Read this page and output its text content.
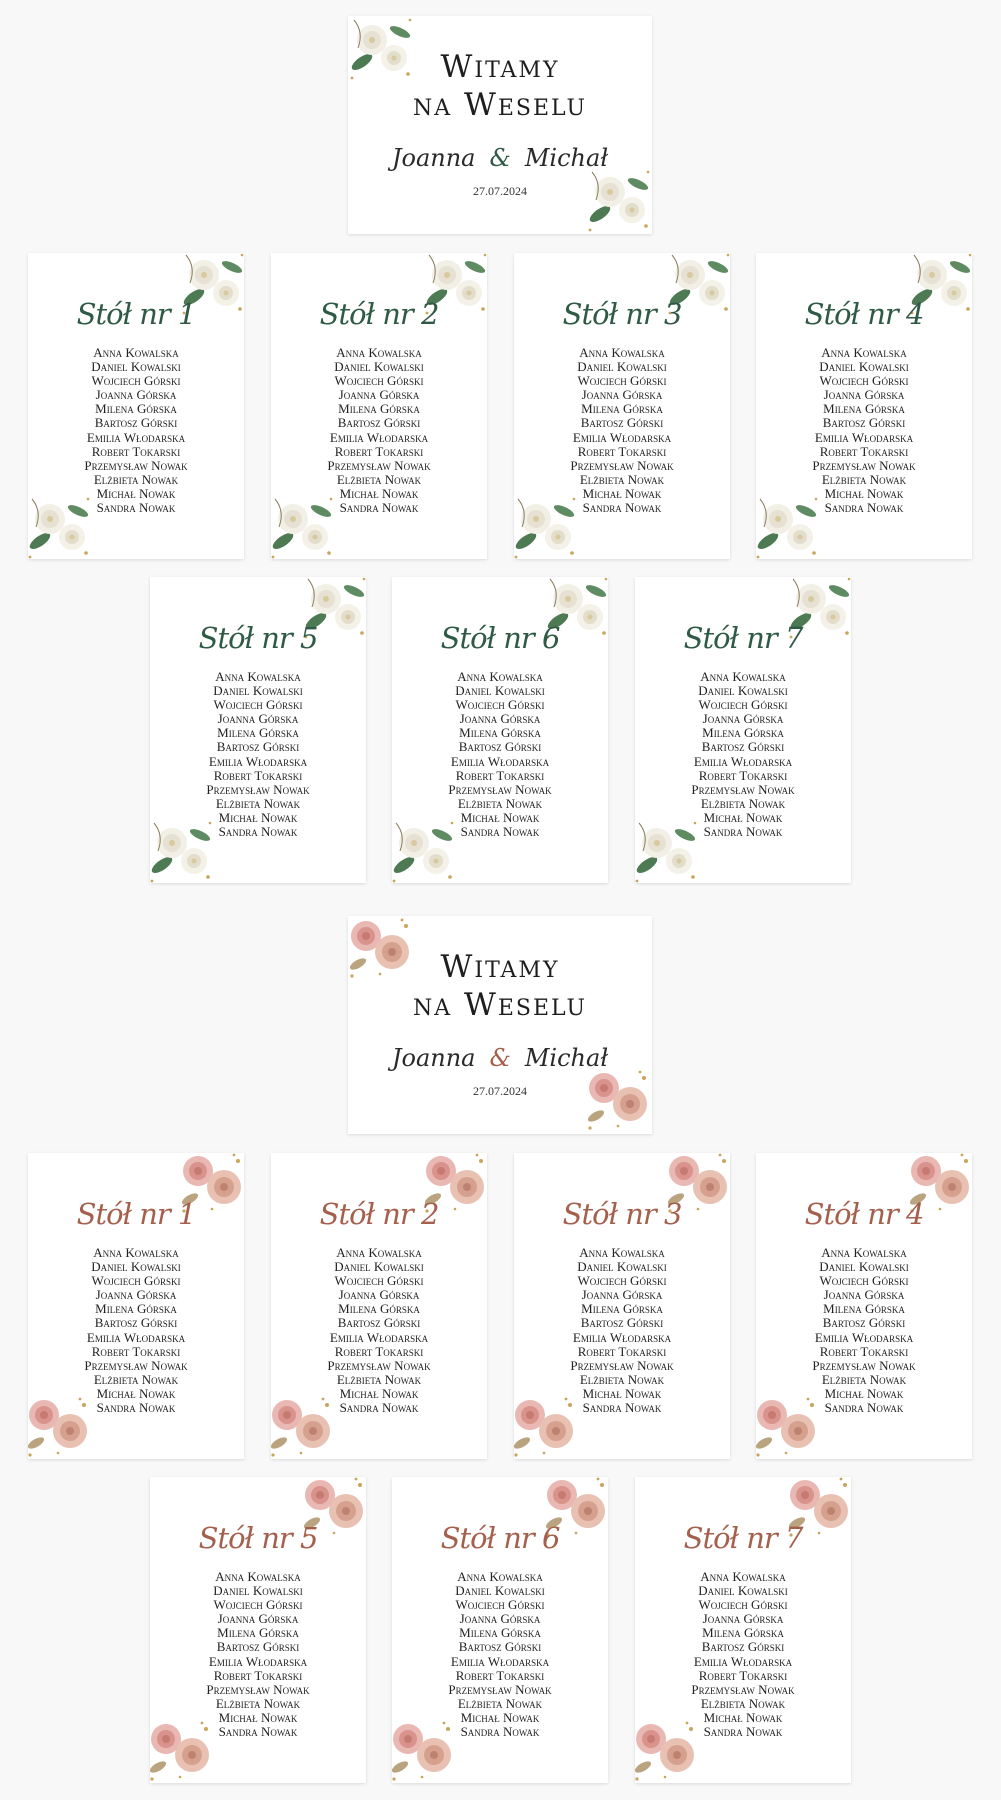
Witamy
na Weselu
Joanna & Michał
27.07.2024
Stół nr 1
Anna Kowalska
Daniel Kowalski
Wojciech Górski
Joanna Górska
Milena Górska
Bartosz Górski
Emilia Włodarska
Robert Tokarski
Przemysław Nowak
Elżbieta Nowak
Michał Nowak
Sandra Nowak
Stół nr 2
Anna Kowalska
Daniel Kowalski
Wojciech Górski
Joanna Górska
Milena Górska
Bartosz Górski
Emilia Włodarska
Robert Tokarski
Przemysław Nowak
Elżbieta Nowak
Michał Nowak
Sandra Nowak
Stół nr 3
Anna Kowalska
Daniel Kowalski
Wojciech Górski
Joanna Górska
Milena Górska
Bartosz Górski
Emilia Włodarska
Robert Tokarski
Przemysław Nowak
Elżbieta Nowak
Michał Nowak
Sandra Nowak
Stół nr 4
Anna Kowalska
Daniel Kowalski
Wojciech Górski
Joanna Górska
Milena Górska
Bartosz Górski
Emilia Włodarska
Robert Tokarski
Przemysław Nowak
Elżbieta Nowak
Michał Nowak
Sandra Nowak
Stół nr 5
Anna Kowalska
Daniel Kowalski
Wojciech Górski
Joanna Górska
Milena Górska
Bartosz Górski
Emilia Włodarska
Robert Tokarski
Przemysław Nowak
Elżbieta Nowak
Michał Nowak
Sandra Nowak
Stół nr 6
Anna Kowalska
Daniel Kowalski
Wojciech Górski
Joanna Górska
Milena Górska
Bartosz Górski
Emilia Włodarska
Robert Tokarski
Przemysław Nowak
Elżbieta Nowak
Michał Nowak
Sandra Nowak
Stół nr 7
Anna Kowalska
Daniel Kowalski
Wojciech Górski
Joanna Górska
Milena Górska
Bartosz Górski
Emilia Włodarska
Robert Tokarski
Przemysław Nowak
Elżbieta Nowak
Michał Nowak
Sandra Nowak
Witamy
na Weselu
Joanna & Michał
27.07.2024
Stół nr 1
Anna Kowalska
Daniel Kowalski
Wojciech Górski
Joanna Górska
Milena Górska
Bartosz Górski
Emilia Włodarska
Robert Tokarski
Przemysław Nowak
Elżbieta Nowak
Michał Nowak
Sandra Nowak
Stół nr 2
Anna Kowalska
Daniel Kowalski
Wojciech Górski
Joanna Górska
Milena Górska
Bartosz Górski
Emilia Włodarska
Robert Tokarski
Przemysław Nowak
Elżbieta Nowak
Michał Nowak
Sandra Nowak
Stół nr 3
Anna Kowalska
Daniel Kowalski
Wojciech Górski
Joanna Górska
Milena Górska
Bartosz Górski
Emilia Włodarska
Robert Tokarski
Przemysław Nowak
Elżbieta Nowak
Michał Nowak
Sandra Nowak
Stół nr 4
Anna Kowalska
Daniel Kowalski
Wojciech Górski
Joanna Górska
Milena Górska
Bartosz Górski
Emilia Włodarska
Robert Tokarski
Przemysław Nowak
Elżbieta Nowak
Michał Nowak
Sandra Nowak
Stół nr 5
Anna Kowalska
Daniel Kowalski
Wojciech Górski
Joanna Górska
Milena Górska
Bartosz Górski
Emilia Włodarska
Robert Tokarski
Przemysław Nowak
Elżbieta Nowak
Michał Nowak
Sandra Nowak
Stół nr 6
Anna Kowalska
Daniel Kowalski
Wojciech Górski
Joanna Górska
Milena Górska
Bartosz Górski
Emilia Włodarska
Robert Tokarski
Przemysław Nowak
Elżbieta Nowak
Michał Nowak
Sandra Nowak
Stół nr 7
Anna Kowalska
Daniel Kowalski
Wojciech Górski
Joanna Górska
Milena Górska
Bartosz Górski
Emilia Włodarska
Robert Tokarski
Przemysław Nowak
Elżbieta Nowak
Michał Nowak
Sandra Nowak
